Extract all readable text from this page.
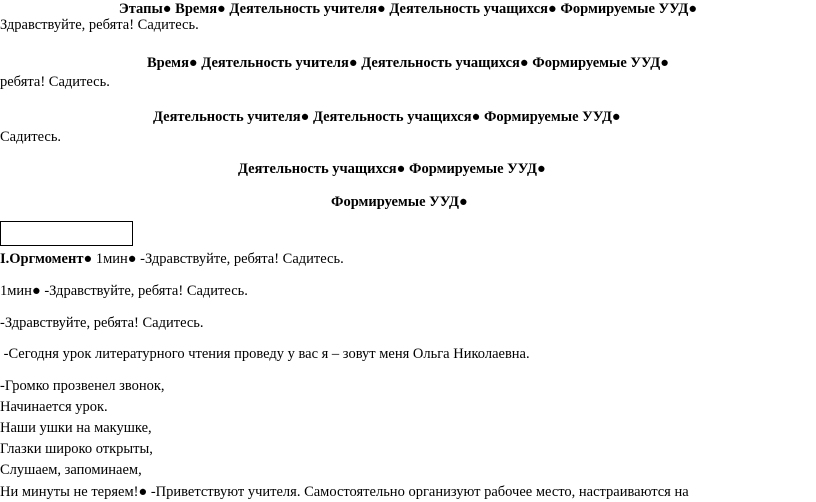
Этапы● Время● Деятельность учителя● Деятельность учащихся● Формируемые УУД●
Здравствуйте, ребята! Садитесь.
Время● Деятельность учителя● Деятельность учащихся● Формируемые УУД●
ребята! Садитесь.
Деятельность учителя● Деятельность учащихся● Формируемые УУД●
Садитесь.
Деятельность учащихся● Формируемые УУД●
Формируемые УУД●
I.Оргмомент● 1мин● -Здравствуйте, ребята! Садитесь.
1мин● -Здравствуйте, ребята! Садитесь.
-Здравствуйте, ребята! Садитесь.
-Сегодня урок литературного чтения проведу у вас я – зовут меня Ольга Николаевна.
-Громко прозвенел звонок,
Начинается урок.
Наши ушки на макушке,
Глазки широко открыты,
Слушаем, запоминаем,
Ни минуты не теряем!● -Приветствуют учителя. Самостоятельно организуют рабочее место, настраиваются на
